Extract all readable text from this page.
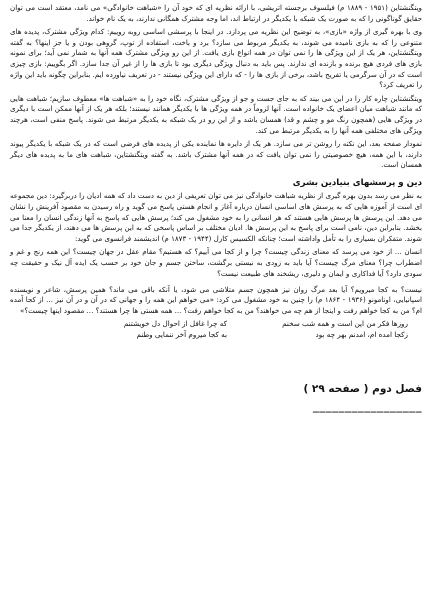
ویتگنشتاین (۱۹۵۱ - ۱۸۸۹ م) فیلسوف برجسته اتریشی، با ارائه نظریه ای که خود آن را «شباهت خانوادگی» می نامد، معتقد است می توان حقایق گوناگونی را که به صورت یک شبکه با یکدیگر در ارتباط اند، اما وجه مشترک همگانی ندارند، به یک نام خواند.

وی با بهره گیری از واژه «بازی»، به توضیح این نظریه می پردازد. در اینجا با پرسشی اساسی روبه روییم: کدام ویژگی مشترک، پدیده های متنوعی را که به بازی نامیده می شوند، به یکدیگر مربوط می سازد؟ برد و باخت، استفاده از توپ، گروهی بودن و یا جز اینها؟ به گفته ویتگنشتاین، هر یک از این ویژگی ها را نمی توان در همه انواع بازی یافت. از این رو ویژگی مشترک همه آنها به شمار نمی آید؛ برای نمونه بازی های فردی هیچ برنده و بازنده ای ندارند. پس باید به دنبال ویژگی دیگری بود تا بازی ها را از غیر آن جدا سازد. اگر بگوییم: بازی چیزی است که در آن سرگرمی یا تفریح باشد، برخی از بازی ها را - که دارای این ویژگی نیستند - در تعریف نیاورده ایم. بنابراین چگونه باید این واژه را تعریف کرد؟

ویتگنشتاین چاره کار را در این می بیند که به جای جست و جو از ویژگی مشترک، نگاه خود را به «شباهت ها» معطوف سازیم؛ شباهت هایی که مانند شباهت میان اعضای یک خانواده است. آنها لزوماً در همه ویژگی ها با یکدیگر همانند نیستند؛ بلکه هر یک از آنها ممکن است با دیگری در ویژگی هایی (همچون رنگ مو و چشم و قد) همسان باشد و از این رو در یک شبکه به یکدیگر مرتبط می شوند. پاسخ منفی است، هرچند ویژگی های مختلفی همه آنها را به یکدیگر مرتبط می کند.

نمودار صفحه بعد، این نکته را روشن تر می سازد. هر یک از دایره ها نماینده یکی از پدیده های فرضی است که در یک شبکه با یکدیگر پیوند دارند، با این همه، هیچ خصوصیتی را نمی توان یافت که در همه آنها مشترک باشد. به گفته ویتگنشتاین، شباهت های ما به پدیده های دیگر همسان است.

دین و پرسشهای بنیادین بشری

به نظر می رسد بدون بهره گیری از نظریه شباهت خانوادگی نیز می توان تعریفی از دین به دست داد که همه ادیان را دربرگیرد: دین مجموعه ای است از آموزه هایی که به پرسش های اساسی انسان درباره آغاز و انجام هستی پاسخ می گوید و راه رسیدن به مقصود آفرینش را نشان می دهد. این پرسش ها پرسش هایی هستند که هر انسانی را به خود مشغول می کند؛ پرسش هایی که پاسخ به آنها زندگی انسان را معنا می بخشد. بنابراین دین، نامی است برای پاسخ به این پرسش ها. ادیان مختلف بر اساس پاسخی که به این پرسش ها می دهند، از یکدیگر جدا می شوند. متفکران بسیاری را به تأمل واداشته است؛ چنانکه الکسیس کارل (۱۹۴۴ - ۱۸۷۳ م) اندیشمند فرانسوی می گوید:

انسان ... از خود می پرسد که معنای زندگی چیست؟ چرا و از کجا می آییم؟ که هستیم؟ مقام عقل در جهان چیست؟ این همه رنج و غم و اضطراب چرا؟ معنای مرگ چیست؟ آیا باید به زودی به نیستی برگشت، ساختن جسم و جان خود بر حسب یک ایده آل نیک و حقیقت چه سودی دارد؟ آیا فداکاری و ایمان و دلیری، ریشخند های طبیعت نیست؟

نیست؟ به کجا میرویم؟ آیا بعد مرگ روان نیز همچون جسم متلاشی می شود، یا آنکه باقی می ماند؟ همین پرسش، شاعر و نویسنده اسپانیایی، اونامونو (۱۹۳۶ - ۱۸۶۴ م) را چنین به خود مشغول می کرد: «می خواهم این همه را و جهانی که در آن و در آن نیز ... از کجا آمده ام؟ من به کجا خواهم رفت و اینجا از هم چه می خواهند؟ من به کجا خواهم رفت؟ ... همه هستی ها چرا هستند؟ ... مقصود اینها چیست؟»

روزها فکر من این است و همه شب سخنم
که چرا غافل از احوال دل خویشتنم
زکجا امده ام، امدنم بهر چه بود
به کجا میروم آخر ننمایی وطنم
فصل دوم ( صفحه ۲۹ )
_________________
